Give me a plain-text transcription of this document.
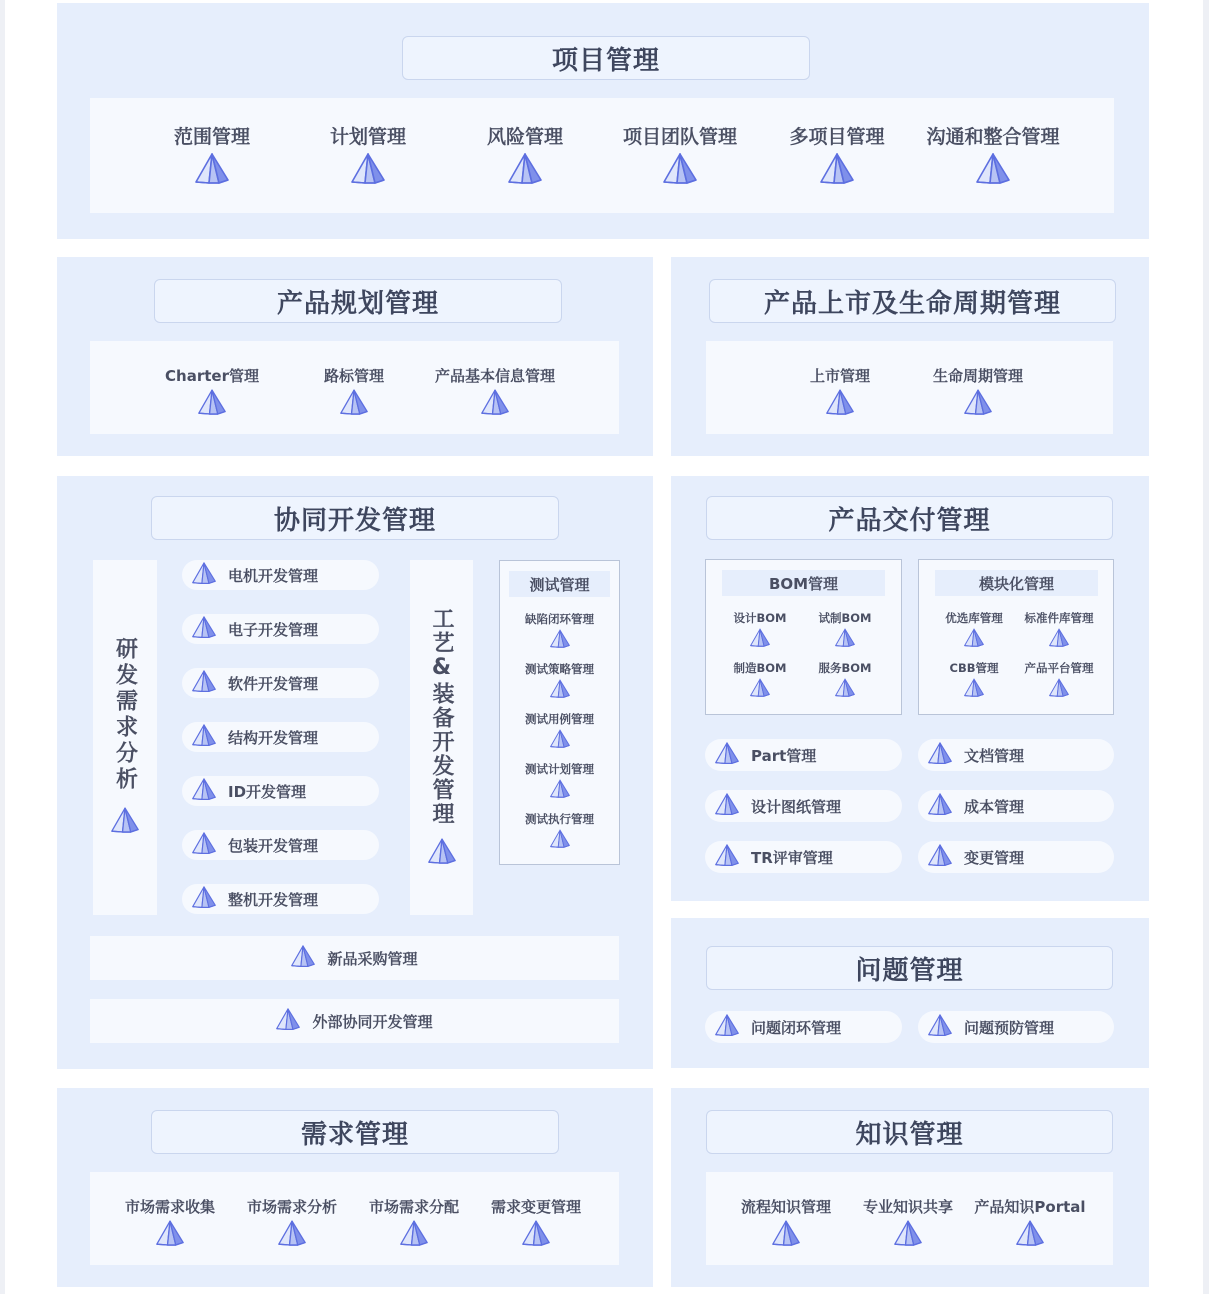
项目管理
范围管理	计划管理	风险管理	项目团队管理	多项目管理 沟通和整合管理
产品规划管理
Charter管理	路标管理	产品基本信息管理
产品上市及生命周期管理
上市管理	生命周期管理
协同开发管理
研发需求分析
电机开发管理
电子开发管理
软件开发管理
结构开发管理
ID开发管理
包装开发管理
整机开发管理
工艺&装备开发管理
测试管理
缺陷闭环管理
测试策略管理
测试用例管理
测试计划管理
测试执行管理
新品采购管理
外部协同开发管理
产品交付管理
BOM管理
设计BOM	试制BOM
制造BOM	服务BOM
模块化管理
优选库管理 标准件库管理
CBB管理 产品平台管理
Part管理	文档管理
设计图纸管理	成本管理
TR评审管理	变更管理
问题管理
问题闭环管理	问题预防管理
需求管理
市场需求收集 市场需求分析 市场需求分配 需求变更管理
知识管理
流程知识管理 专业知识共享 产品知识Portal
